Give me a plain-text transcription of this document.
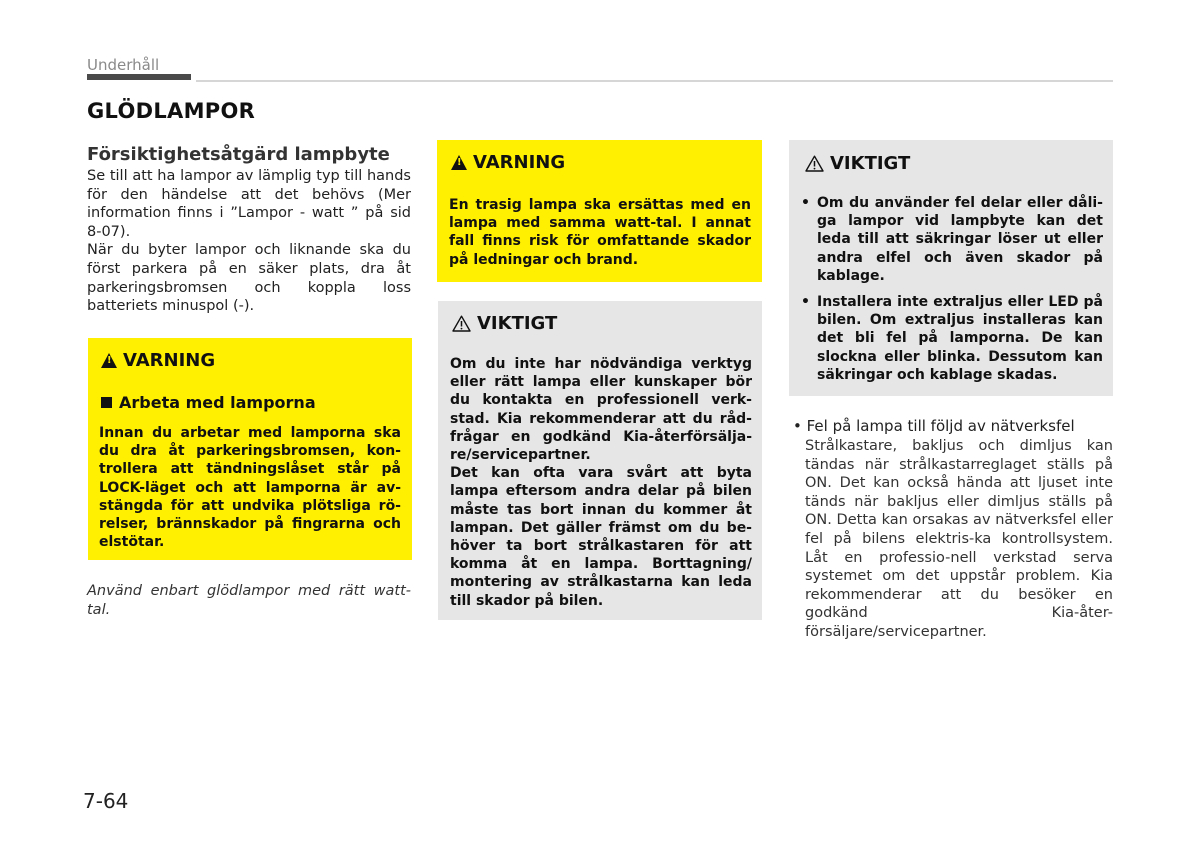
Underhåll
GLÖDLAMPOR
Försiktighetsåtgärd lampbyte
Se till att ha lampor av lämplig typ till hands för den händelse att det behövs (Mer information finns i ”Lampor - watt ” på sid 8-07).
När du byter lampor och liknande ska du först parkera på en säker plats, dra åt parkeringsbromsen och koppla loss batteriets minuspol (-).
!
VARNING
Arbeta med lamporna
Innan du arbetar med lamporna ska du dra åt parkeringsbromsen, kon-trollera att tändningslåset står på LOCK-läget och att lamporna är av-stängda för att undvika plötsliga rö-relser, brännskador på fingrarna och elstötar.
Använd enbart glödlampor med rätt watt-tal.
!
VARNING
En trasig lampa ska ersättas med en lampa med samma watt-tal. I annat fall finns risk för omfattande skador på ledningar och brand.
VIKTIGT
Om du inte har nödvändiga verktyg eller rätt lampa eller kunskaper bör du kontakta en professionell verk-stad. Kia rekommenderar att du råd-frågar en godkänd Kia-återförsälja-re/servicepartner.
Det kan ofta vara svårt att byta lampa eftersom andra delar på bilen måste tas bort innan du kommer åt lampan. Det gäller främst om du be-höver ta bort strålkastaren för att komma åt en lampa. Borttagning/ montering av strålkastarna kan leda till skador på bilen.
VIKTIGT
• Om du använder fel delar eller dåli-ga lampor vid lampbyte kan det leda till att säkringar löser ut eller andra elfel och även skador på kablage.
• Installera inte extraljus eller LED på bilen. Om extraljus installeras kan det bli fel på lamporna. De kan slockna eller blinka. Dessutom kan säkringar och kablage skadas.
• Fel på lampa till följd av nätverksfel
Strålkastare, bakljus och dimljus kan tändas när strålkastarreglaget ställs på ON. Det kan också hända att ljuset inte tänds när bakljus eller dimljus ställs på ON. Detta kan orsakas av nätverksfel eller fel på bilens elektris-ka kontrollsystem. Låt en professio-nell verkstad serva systemet om det uppstår problem. Kia rekommenderar att du besöker en godkänd Kia-åter-försäljare/servicepartner.
7-64
